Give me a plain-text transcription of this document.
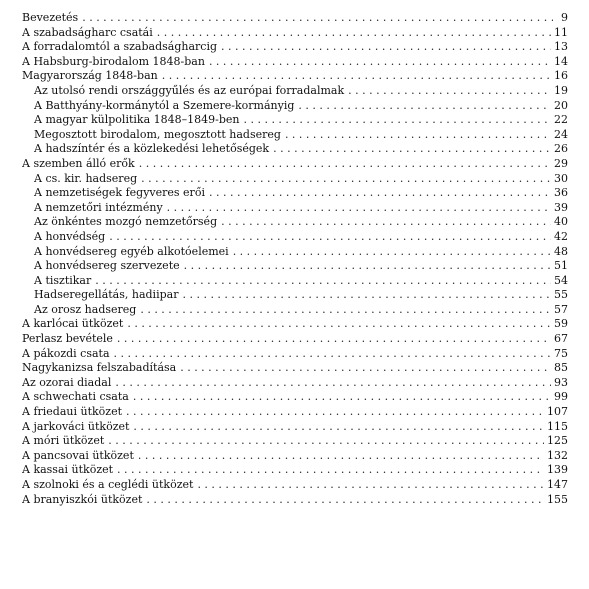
Bevezetés . . .	9
A szabadságharc csatái . . .	11
A forradalomtól a szabadságharcig . . .	13
A Habsburg-birodalom 1848-ban . . .	14
Magyarország 1848-ban . . .	16
Az utolsó rendi országgyűlés és az európai forradalmak . . .	19
A Batthyány-kormánytól a Szemere-kormányig . . .	20
A magyar külpolitika 1848–1849-ben . . .	22
Megosztott birodalom, megosztott hadsereg . . .	24
A hadszíntér és a közlekedési lehetőségek . . .	26
A szemben álló erők . . .	29
A cs. kir. hadsereg . . .	30
A nemzetiségek fegyveres erői . . .	36
A nemzetőri intézmény . . .	39
Az önkéntes mozgó nemzetőrség . . .	40
A honvédség . . .	42
A honvédsereg egyéb alkotóelemei . . .	48
A honvédsereg szervezete . . .	51
A tisztikar . . .	54
Hadseregellátás, hadiipar . . .	55
Az orosz hadsereg . . .	57
A karlócai ütközet . . .	59
Perlasz bevétele . . .	67
A pákozdi csata . . .	75
Nagykanizsa felszabadítása . . .	85
Az ozorai diadal . . .	93
A schwechati csata . . .	99
A friedaui ütközet . . .	107
A jarkováci ütközet . . .	115
A móri ütközet . . .	125
A pancsovai ütközet . . .	132
A kassai ütközet . . .	139
A szolnoki és a ceglédi ütközet . . .	147
A branyiszkói ütközet . . .	155
